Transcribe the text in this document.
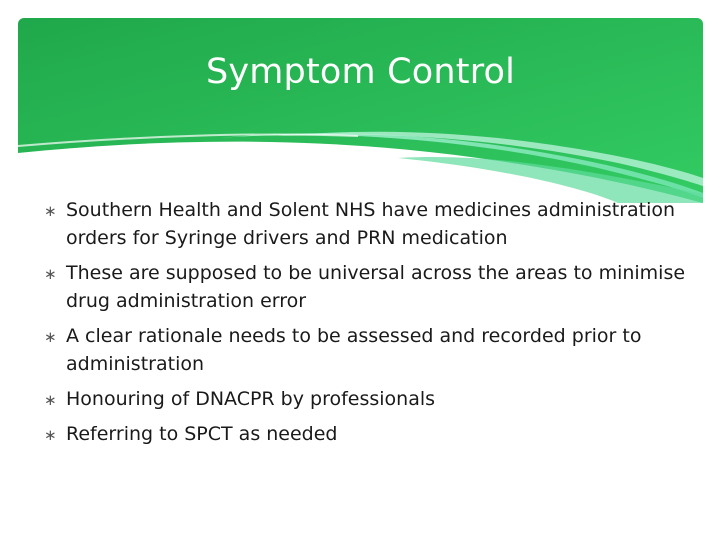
Symptom Control
∗ Southern Health and Solent NHS have medicines administration orders for Syringe drivers and PRN medication
∗ These are supposed to be universal across the areas to minimise drug administration error
∗ A clear rationale needs to be assessed and recorded prior to administration
∗ Honouring of DNACPR by professionals
∗ Referring to SPCT as needed
